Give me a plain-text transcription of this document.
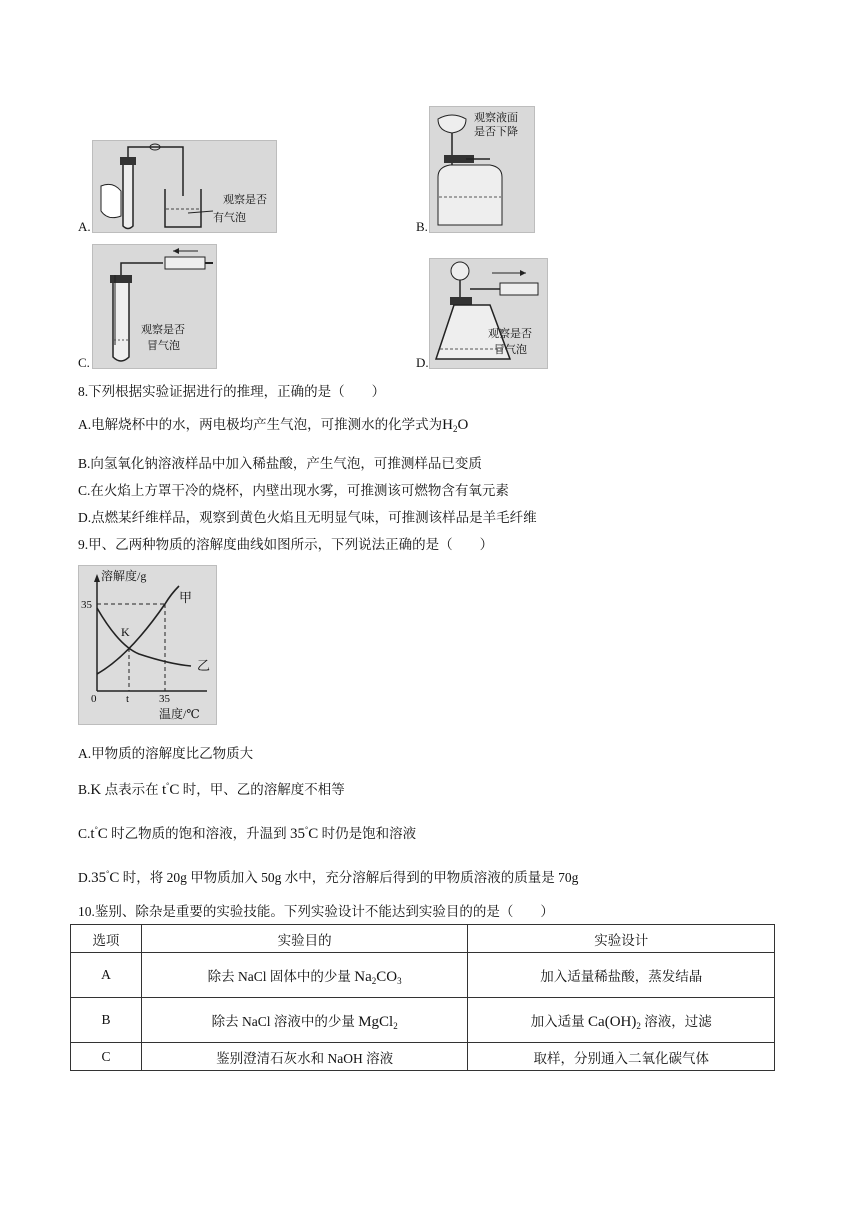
A.
观察是否
有气泡
B.
观察液面
是否下降
C.
观察是否
冒气泡
D.
观察是否
冒气泡
8.下列根据实验证据进行的推理，正确的是（　　）
A.电解烧杯中的水，两电极均产生气泡，可推测水的化学式为$H_2O$
B.向氢氧化钠溶液样品中加入稀盐酸，产生气泡，可推测样品已变质
C.在火焰上方罩干冷的烧杯，内壁出现水雾，可推测该可燃物含有氧元素
D.点燃某纤维样品，观察到黄色火焰且无明显气味，可推测该样品是羊毛纤维
9.甲、乙两种物质的溶解度曲线如图所示，下列说法正确的是（　　）
溶解度/g
35
0	t	35
温度/℃
K
甲
乙
A.甲物质的溶解度比乙物质大
B.K 点表示在 t°C 时，甲、乙的溶解度不相等
C.t°C 时乙物质的饱和溶液，升温到 35°C 时仍是饱和溶液
D.35°C 时，将 20g 甲物质加入 50g 水中，充分溶解后得到的甲物质溶液的质量是 70g
10.鉴别、除杂是重要的实验技能。下列实验设计不能达到实验目的的是（　　）
选项	实验目的	实验设计
A	除去 NaCl 固体中的少量 $Na_2CO_3$	加入适量稀盐酸，蒸发结晶
B	除去 NaCl 溶液中的少量 MgCl$_2$	加入适量 $Ca(OH)_2$ 溶液，过滤
C	鉴别澄清石灰水和 NaOH 溶液	取样，分别通入二氧化碳气体
